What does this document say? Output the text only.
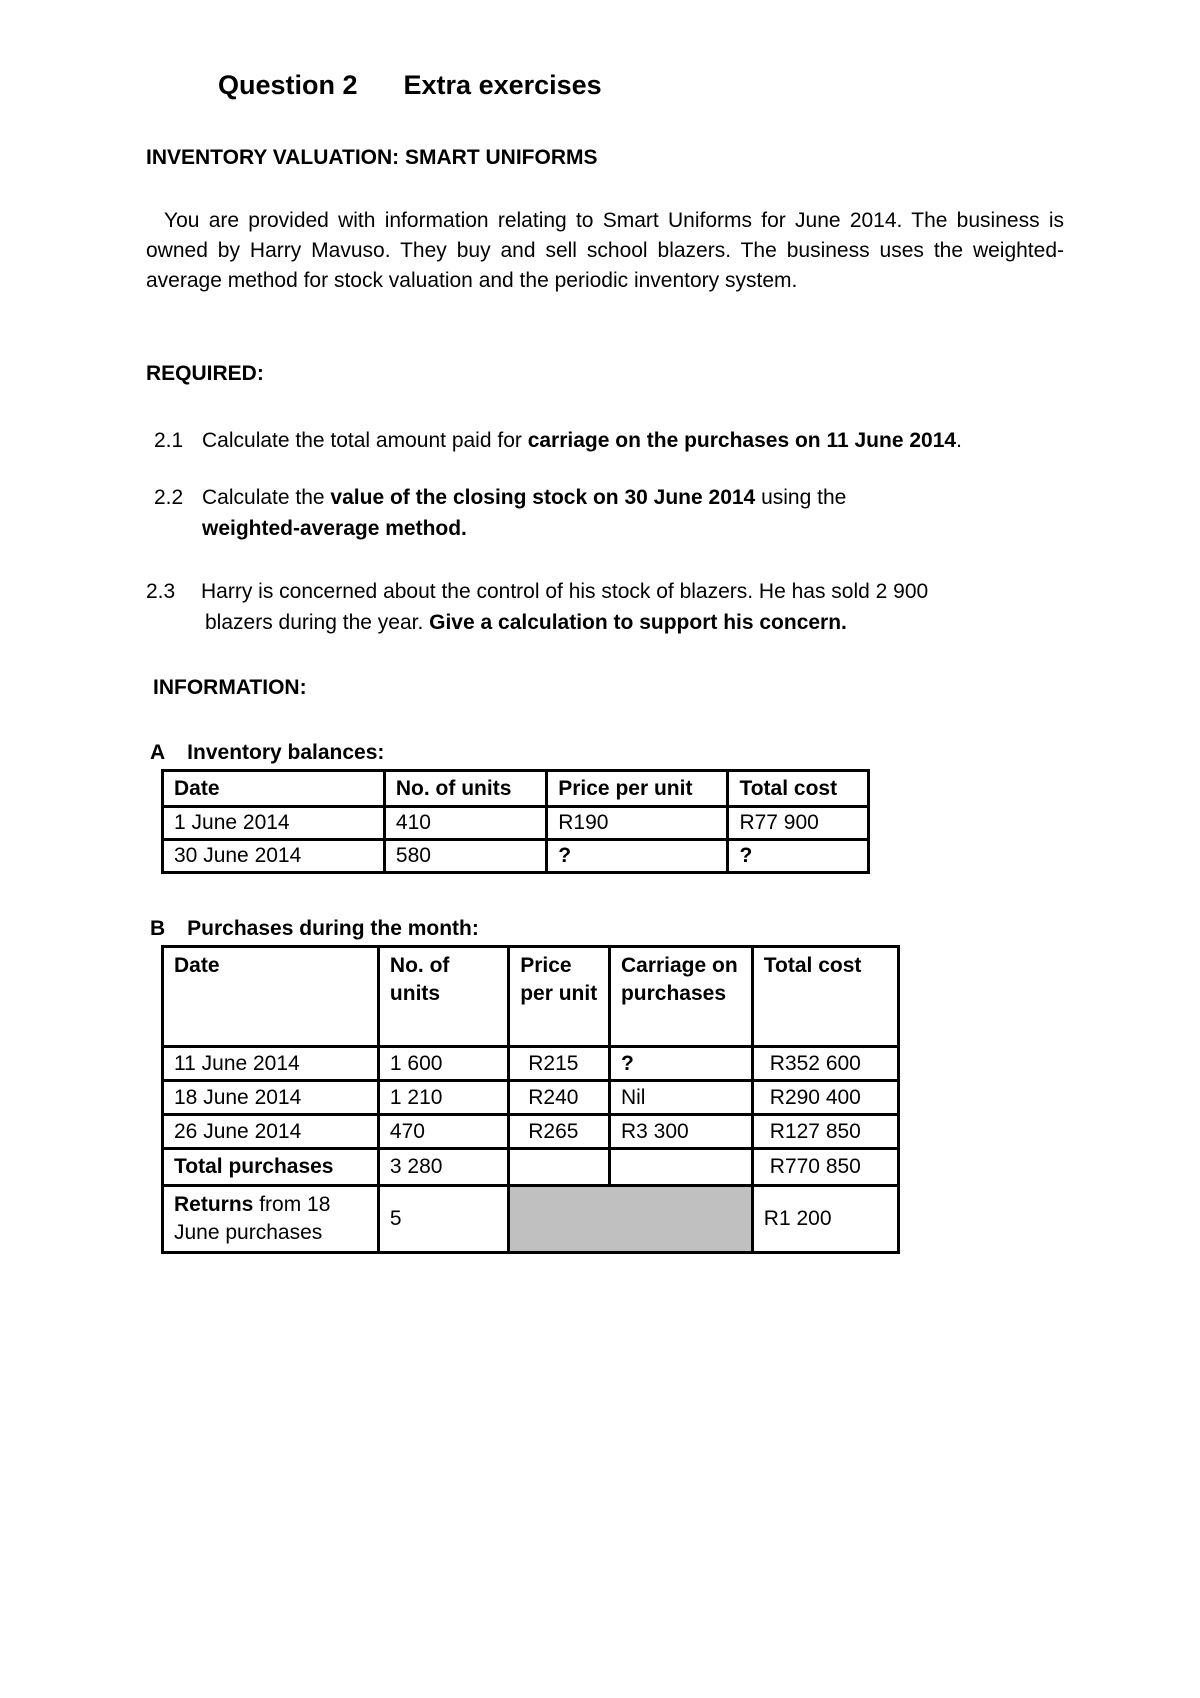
Question 2 Extra exercises
INVENTORY VALUATION: SMART UNIFORMS
You are provided with information relating to Smart Uniforms for June 2014. The business is owned by Harry Mavuso. They buy and sell school blazers. The business uses the weighted-average method for stock valuation and the periodic inventory system.
REQUIRED:
2.1 Calculate the total amount paid for carriage on the purchases on 11 June 2014.
2.2 Calculate the value of the closing stock on 30 June 2014 using the
weighted-average method.
2.3 Harry is concerned about the control of his stock of blazers. He has sold 2 900
blazers during the year. Give a calculation to support his concern.
INFORMATION:
A Inventory balances:
Date	No. of units	Price per unit	Total cost
1 June 2014	410	R190	R77 900
30 June 2014	580	?	?
B Purchases during the month:
Date	No. of units	Price per unit	Carriage on purchases	Total cost
11 June 2014	1 600	R215	?	R352 600
18 June 2014	1 210	R240	Nil	R290 400
26 June 2014	470	R265	R3 300	R127 850
Total purchases	3 280			R770 850
Returns from 18 June purchases	5			R1 200
